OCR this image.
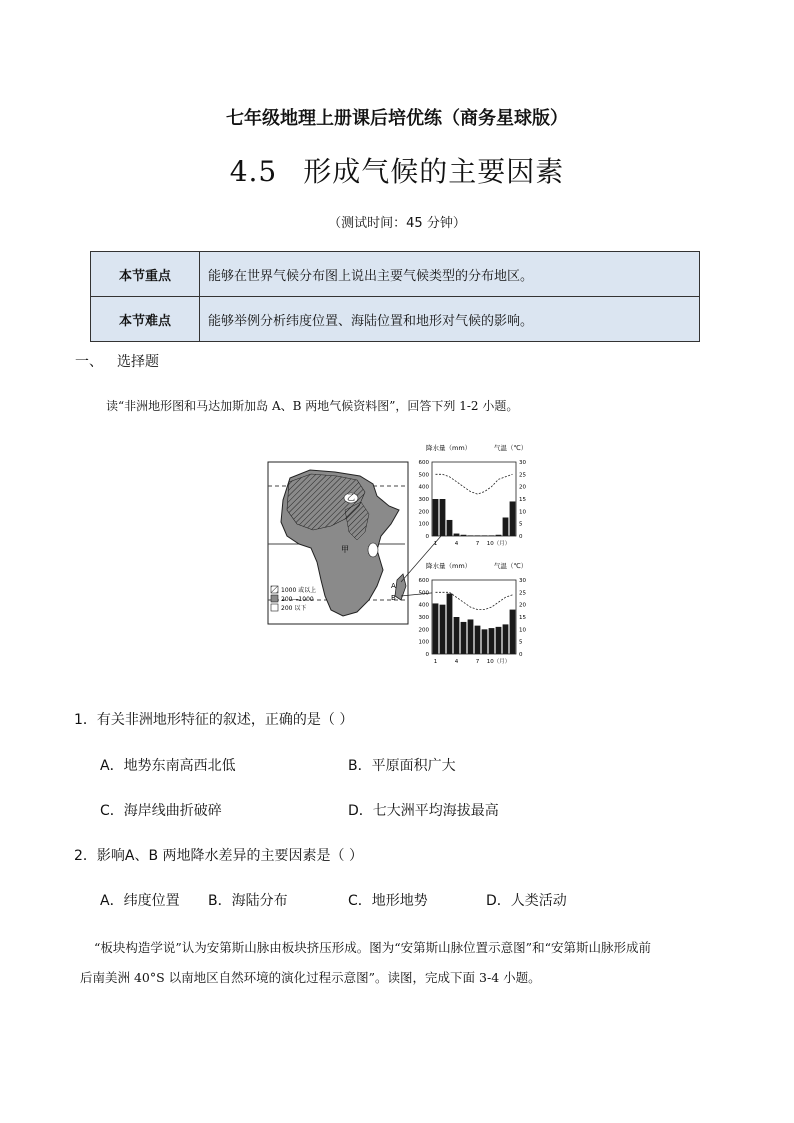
七年级地理上册课后培优练（商务星球版）
4.5 形成气候的主要因素
（测试时间：45 分钟）
本节重点	能够在世界气候分布图上说出主要气候类型的分布地区。
本节难点	能够举例分析纬度位置、海陆位置和地形对气候的影响。
一、 选择题
读“非洲地形图和马达加斯加岛 A、B 两地气候资料图”，回答下列 1-2 小题。
乙
甲
A
B
1000 或以上
200—1000
200 以下
降水量（mm）	气温（℃）
600
500
400
300
200
100
0
30
25
20
15
10
5
0
1	4	7 10（月）
降水量（mm）	气温（℃）
600
500
400
300
200
100
0
30
25
20
15
10
5
0
1	4	7 10（月）
1．有关非洲地形特征的叙述，正确的是（ ）
A．地势东南高西北低	B．平原面积广大
C．海岸线曲折破碎	D．七大洲平均海拔最高
2．影响A、B 两地降水差异的主要因素是（ ）
A．纬度位置 B．海陆分布	C．地形地势	D．人类活动
“板块构造学说”认为安第斯山脉由板块挤压形成。图为“安第斯山脉位置示意图”和“安第斯山脉形成前
后南美洲 40°S 以南地区自然环境的演化过程示意图”。读图，完成下面 3-4 小题。
